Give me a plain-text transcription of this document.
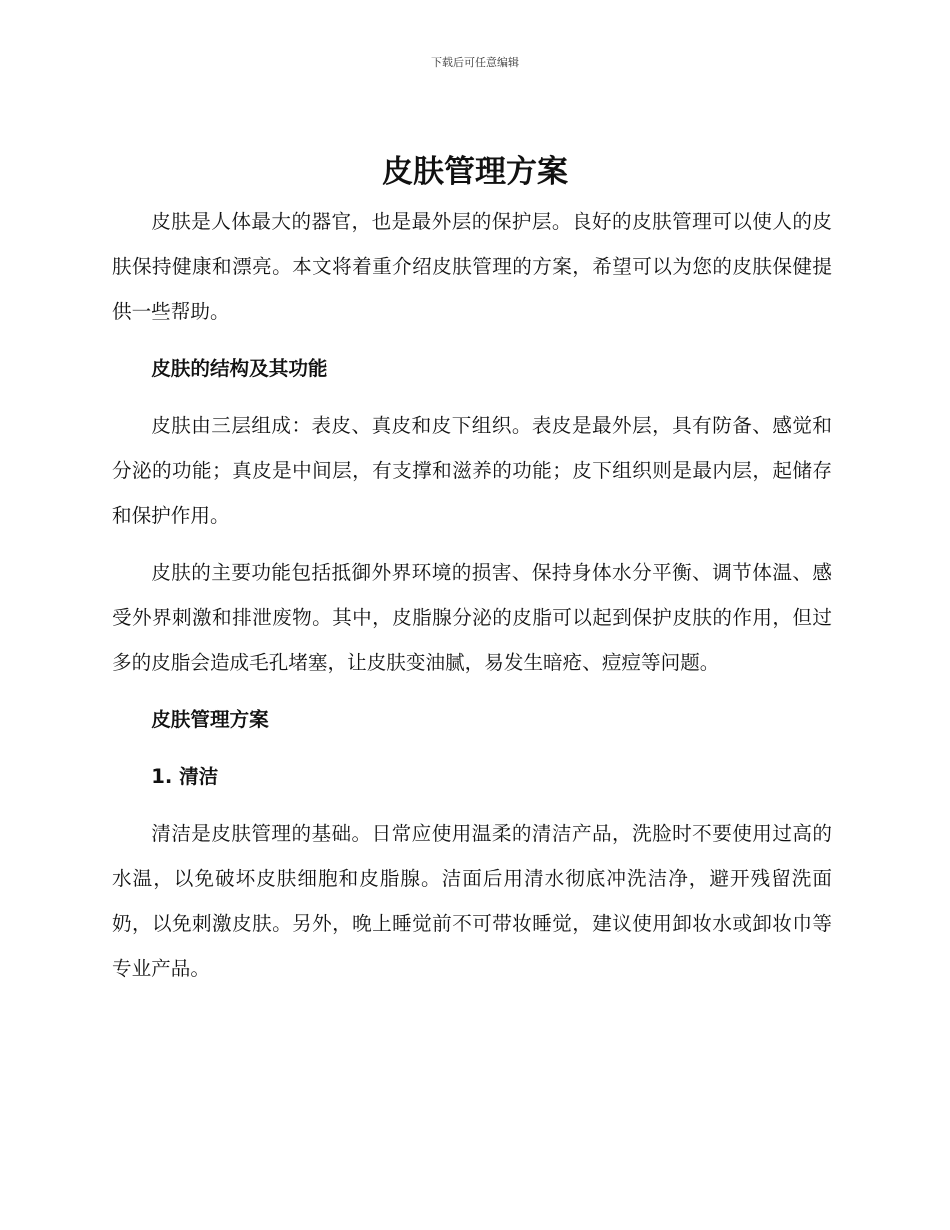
下载后可任意编辑
皮肤管理方案

皮肤是人体最大的器官，也是最外层的保护层。良好的皮肤管理可以使人的皮肤保持健康和漂亮。本文将着重介绍皮肤管理的方案，希望可以为您的皮肤保健提供一些帮助。

皮肤的结构及其功能

皮肤由三层组成：表皮、真皮和皮下组织。表皮是最外层，具有防备、感觉和分泌的功能；真皮是中间层，有支撑和滋养的功能；皮下组织则是最内层，起储存和保护作用。

皮肤的主要功能包括抵御外界环境的损害、保持身体水分平衡、调节体温、感受外界刺激和排泄废物。其中，皮脂腺分泌的皮脂可以起到保护皮肤的作用，但过多的皮脂会造成毛孔堵塞，让皮肤变油腻，易发生暗疮、痘痘等问题。

皮肤管理方案

1. 清洁

清洁是皮肤管理的基础。日常应使用温柔的清洁产品，洗脸时不要使用过高的水温，以免破坏皮肤细胞和皮脂腺。洁面后用清水彻底冲洗洁净，避开残留洗面奶，以免刺激皮肤。另外，晚上睡觉前不可带妆睡觉，建议使用卸妆水或卸妆巾等专业产品。
